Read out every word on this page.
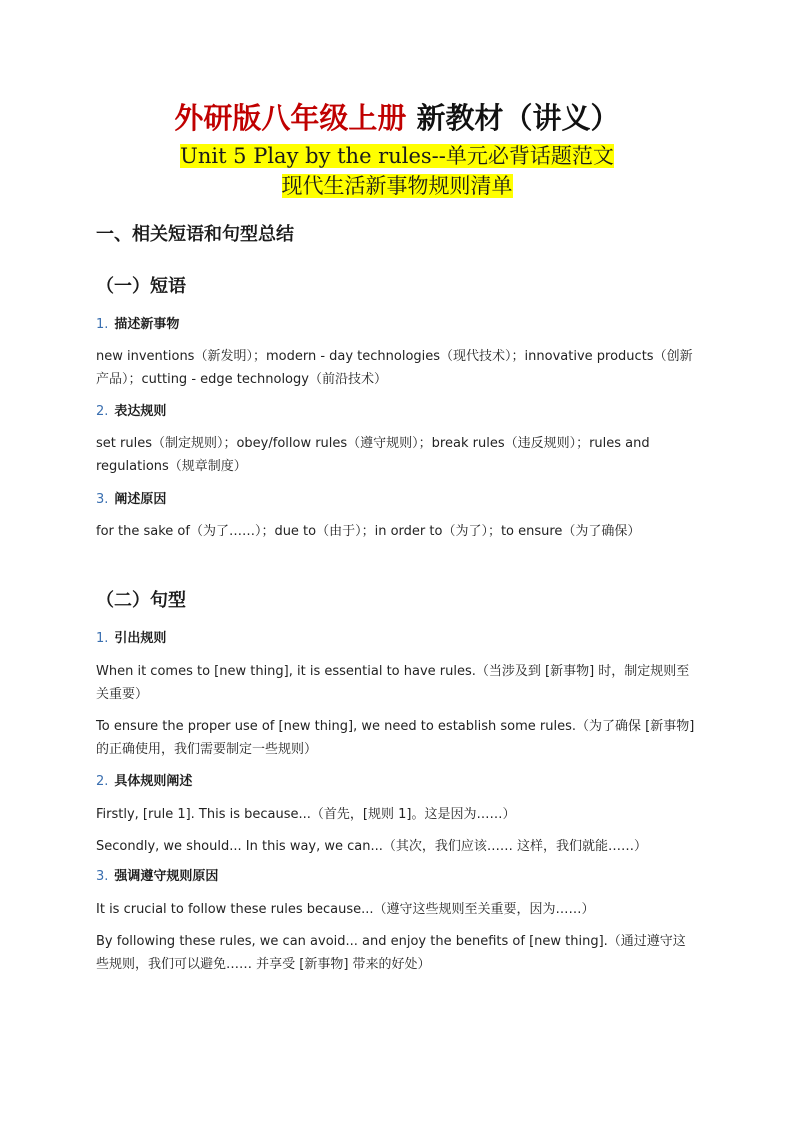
外研版八年级上册 新教材（讲义）
Unit 5 Play by the rules--单元必背话题范文
现代生活新事物规则清单
一、相关短语和句型总结
（一）短语
1. 描述新事物
new inventions（新发明）；modern - day technologies（现代技术）；innovative products（创新产品）；cutting - edge technology（前沿技术）
2. 表达规则
set rules（制定规则）；obey/follow rules（遵守规则）；break rules（违反规则）；rules and regulations（规章制度）
3. 阐述原因
for the sake of（为了……）；due to（由于）；in order to（为了）；to ensure（为了确保）
（二）句型
1. 引出规则
When it comes to [new thing], it is essential to have rules.（当涉及到 [新事物] 时，制定规则至关重要）
To ensure the proper use of [new thing], we need to establish some rules.（为了确保 [新事物] 的正确使用，我们需要制定一些规则）
2. 具体规则阐述
Firstly, [rule 1]. This is because...（首先，[规则 1]。这是因为……）
Secondly, we should... In this way, we can...（其次，我们应该…… 这样，我们就能……）
3. 强调遵守规则原因
It is crucial to follow these rules because...（遵守这些规则至关重要，因为……）
By following these rules, we can avoid... and enjoy the benefits of [new thing].（通过遵守这些规则，我们可以避免…… 并享受 [新事物] 带来的好处）
